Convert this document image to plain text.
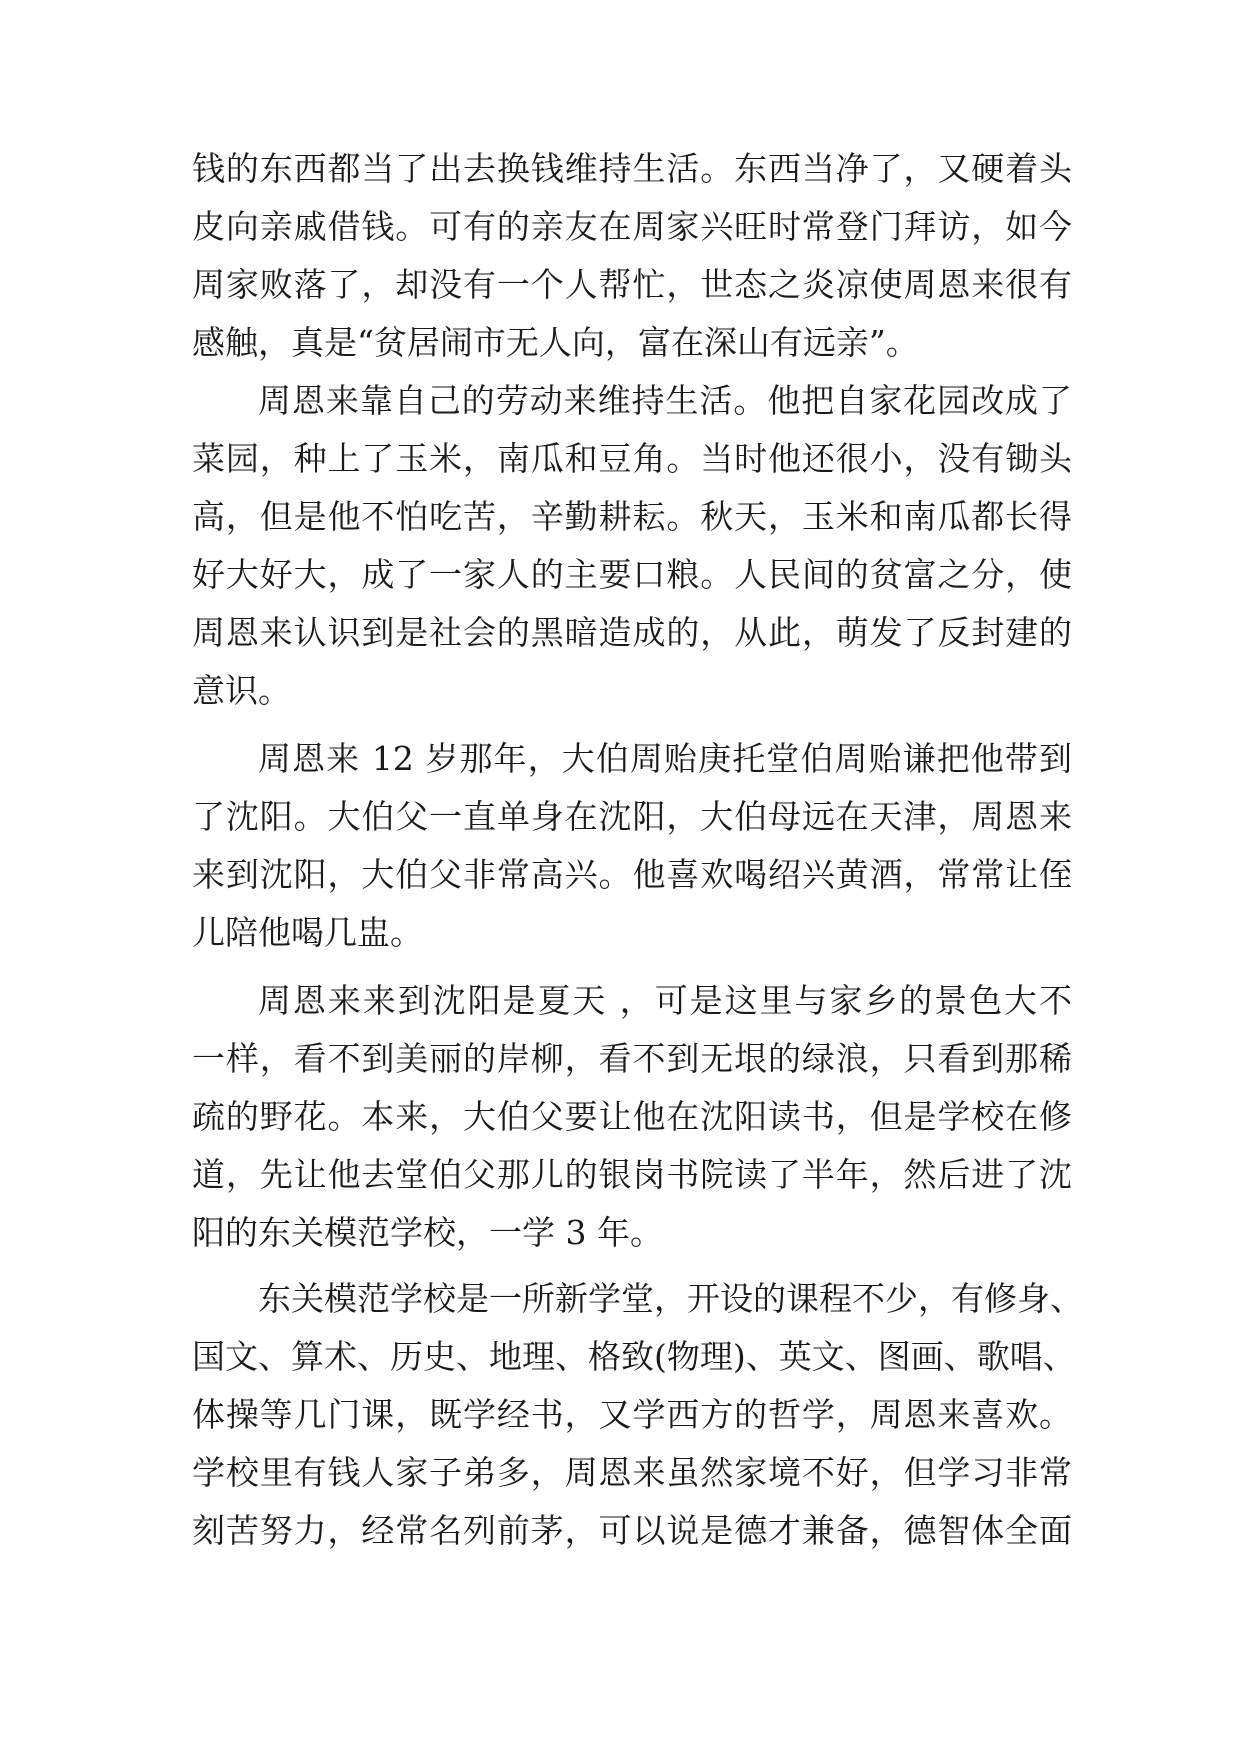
钱的东西都当了出去换钱维持生活。东西当净了，又硬着头
皮向亲戚借钱。可有的亲友在周家兴旺时常登门拜访，如今
周家败落了，却没有一个人帮忙，世态之炎凉使周恩来很有
感触，真是“贫居闹市无人向，富在深山有远亲”。
周恩来靠自己的劳动来维持生活。他把自家花园改成了
菜园，种上了玉米，南瓜和豆角。当时他还很小，没有锄头
高，但是他不怕吃苦，辛勤耕耘。秋天，玉米和南瓜都长得
好大好大，成了一家人的主要口粮。人民间的贫富之分，使
周恩来认识到是社会的黑暗造成的，从此，萌发了反封建的
意识。
周恩来 12 岁那年，大伯周贻庚托堂伯周贻谦把他带到
了沈阳。大伯父一直单身在沈阳，大伯母远在天津，周恩来
来到沈阳，大伯父非常高兴。他喜欢喝绍兴黄酒，常常让侄
儿陪他喝几盅。
周恩来来到沈阳是夏天 ，可是这里与家乡的景色大不
一样，看不到美丽的岸柳，看不到无垠的绿浪，只看到那稀
疏的野花。本来，大伯父要让他在沈阳读书，但是学校在修
道，先让他去堂伯父那儿的银岗书院读了半年，然后进了沈
阳的东关模范学校，一学 3 年。
东关模范学校是一所新学堂，开设的课程不少，有修身、
国文、算术、历史、地理、格致(物理)、英文、图画、歌唱、
体操等几门课，既学经书，又学西方的哲学，周恩来喜欢。
学校里有钱人家子弟多，周恩来虽然家境不好，但学习非常
刻苦努力，经常名列前茅，可以说是德才兼备，德智体全面
